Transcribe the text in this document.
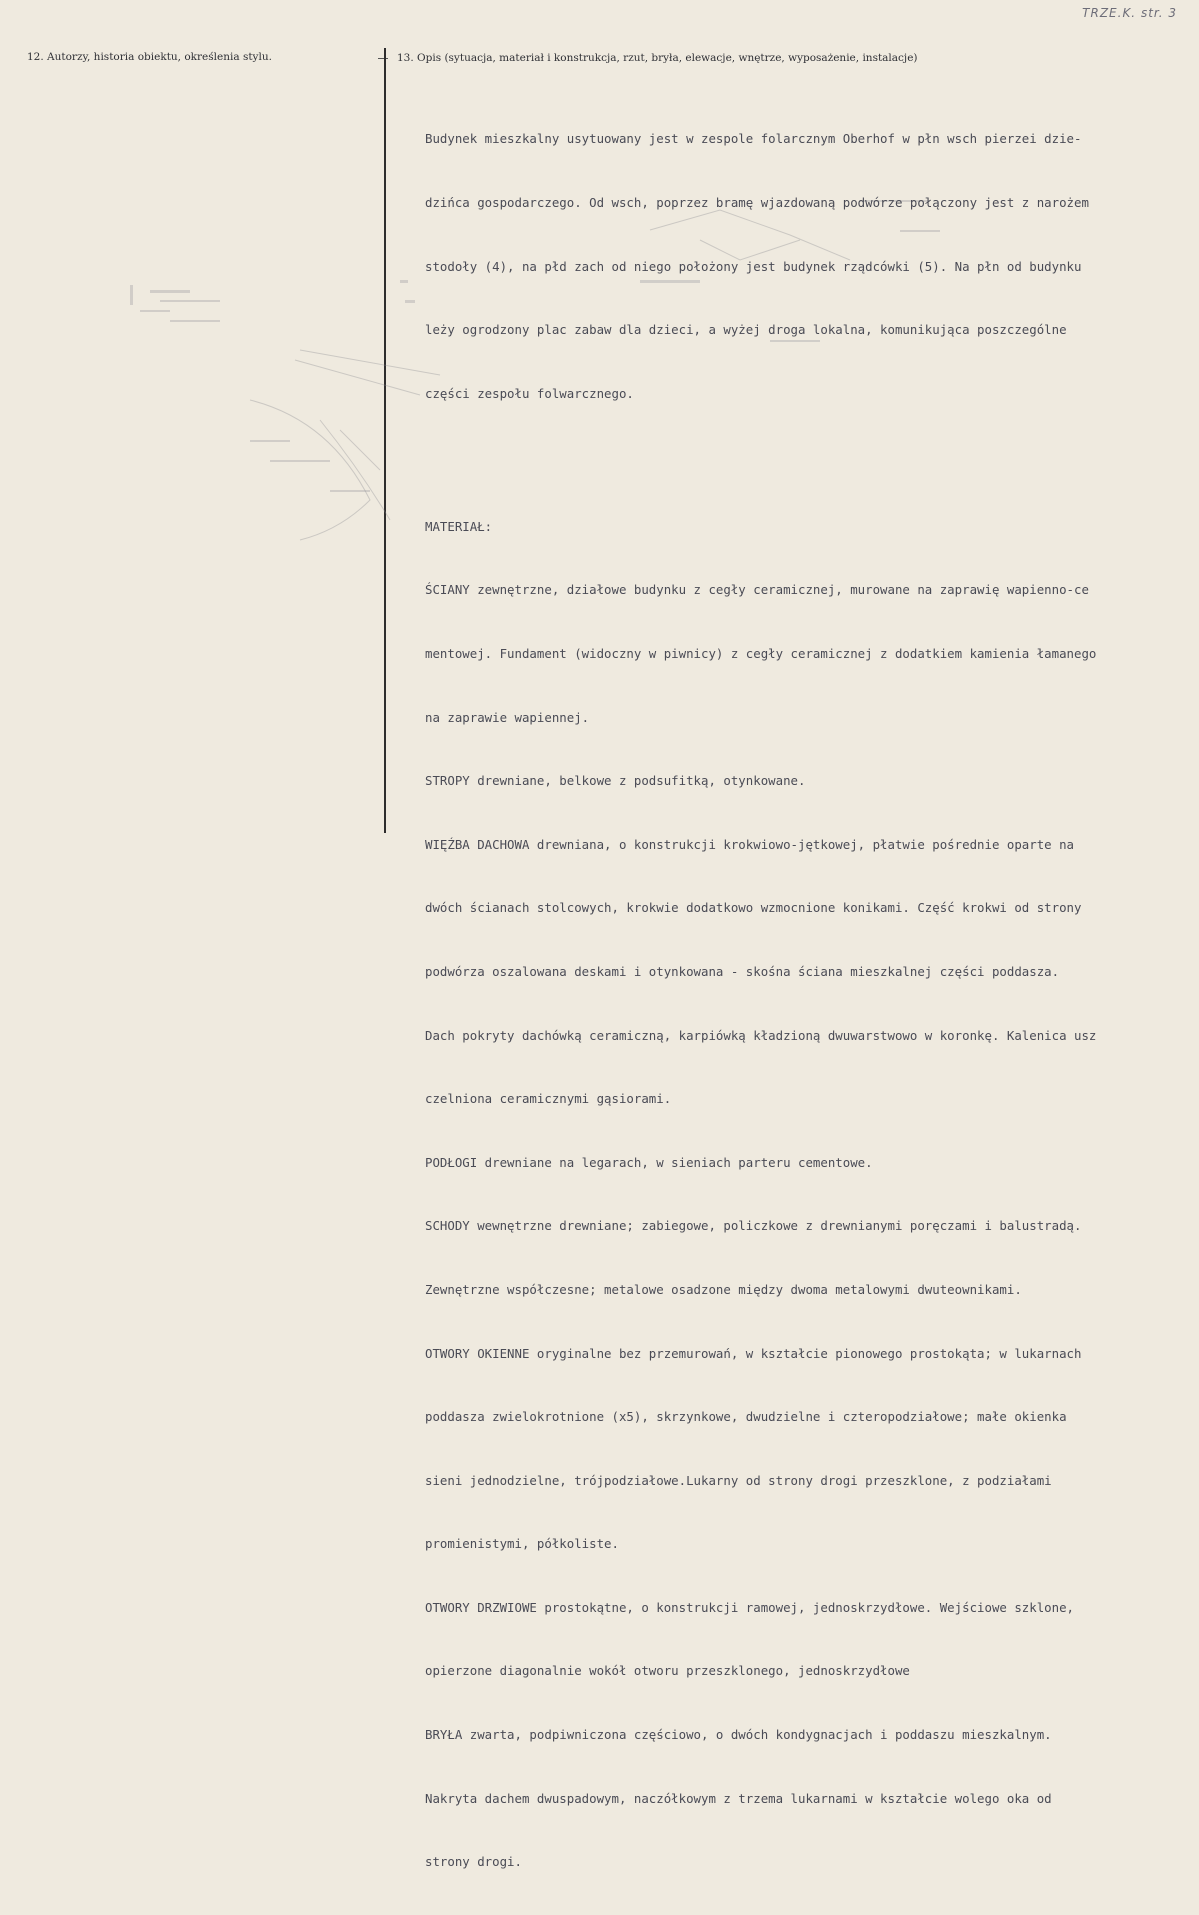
TRZE.K. str. 3
12. Autorzy, historia obiektu, określenia stylu.	13. Opis (sytuacja, materiał i konstrukcja, rzut, bryła, elewacje, wnętrze, wyposażenie, instalacje)

Budynek mieszkalny usytuowany jest w zespole folarcznym Oberhof w płn wsch pierzei dzie-

dzińca gospodarczego. Od wsch, poprzez bramę wjazdowaną podwórze połączony jest z narożem

stodoły (4), na płd zach od niego położony jest budynek rządcówki (5). Na płn od budynku

leży ogrodzony plac zabaw dla dzieci, a wyżej droga lokalna, komunikująca poszczególne

części zespołu folwarcznego.

MATERIAŁ:

ŚCIANY zewnętrzne, działowe budynku z cegły ceramicznej, murowane na zaprawię wapienno-ce

mentowej. Fundament (widoczny w piwnicy) z cegły ceramicznej z dodatkiem kamienia łamanego

na zaprawie wapiennej.

STROPY drewniane, belkowe z podsufitką, otynkowane.

WIĘŹBA DACHOWA drewniana, o konstrukcji krokwiowo-jętkowej, płatwie pośrednie oparte na

dwóch ścianach stolcowych, krokwie dodatkowo wzmocnione konikami. Część krokwi od strony

podwórza oszalowana deskami i otynkowana - skośna ściana mieszkalnej części poddasza.

Dach pokryty dachówką ceramiczną, karpiówką kładzioną dwuwarstwowo w koronkę. Kalenica usz

czelniona ceramicznymi gąsiorami.

PODŁOGI drewniane na legarach, w sieniach parteru cementowe.

SCHODY wewnętrzne drewniane; zabiegowe, policzkowe z drewnianymi poręczami i balustradą.

Zewnętrzne współczesne; metalowe osadzone między dwoma metalowymi dwuteownikami.

OTWORY OKIENNE oryginalne bez przemurowań, w kształcie pionowego prostokąta; w lukarnach

poddasza zwielokrotnione (x5), skrzynkowe, dwudzielne i czteropodziałowe; małe okienka

sieni jednodzielne, trójpodziałowe.Lukarny od strony drogi przeszklone, z podziałami

promienistymi, półkoliste.

OTWORY DRZWIOWE prostokątne, o konstrukcji ramowej, jednoskrzydłowe. Wejściowe szklone,

opierzone diagonalnie wokół otworu przeszklonego, jednoskrzydłowe

BRYŁA zwarta, podpiwniczona częściowo, o dwóch kondygnacjach i poddaszu mieszkalnym.

Nakryta dachem dwuspadowym, naczółkowym z trzema lukarnami w kształcie wolego oka od

strony drogi.
